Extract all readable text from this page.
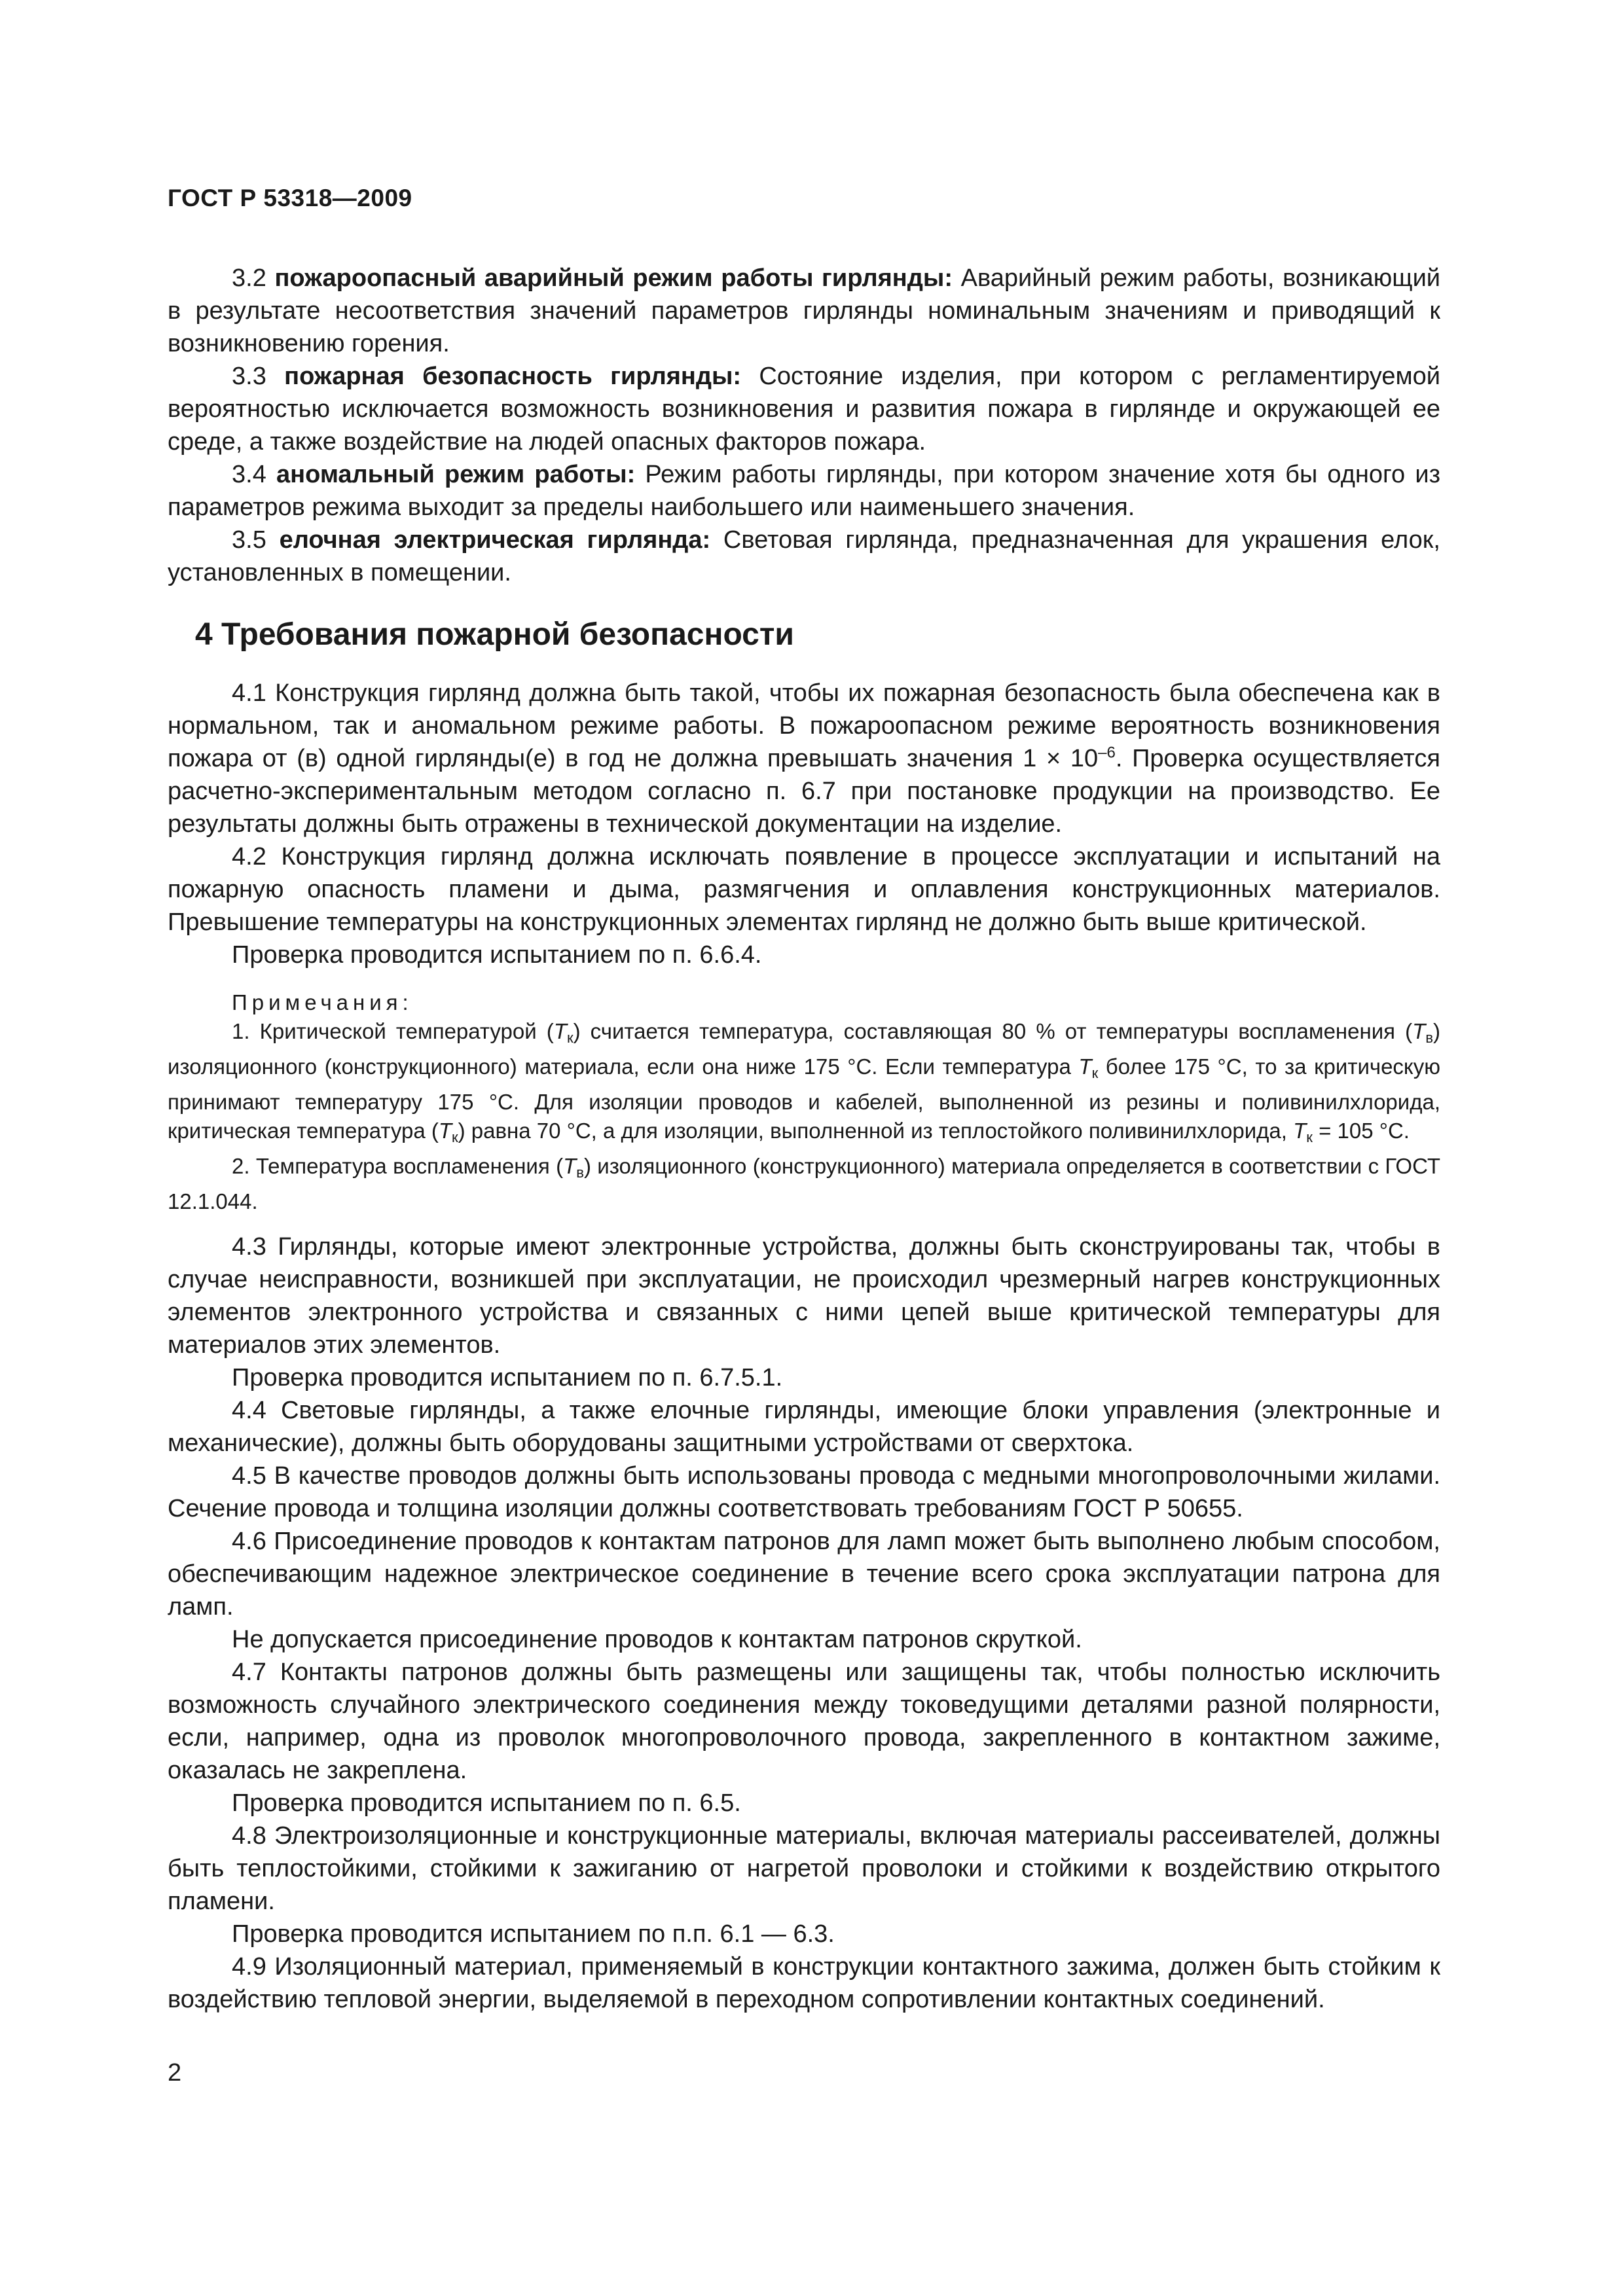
ГОСТ Р 53318—2009

3.2 пожароопасный аварийный режим работы гирлянды: Аварийный режим работы, возникающий в результате несоответствия значений параметров гирлянды номинальным значениям и приводящий к возникновению горения.

3.3 пожарная безопасность гирлянды: Состояние изделия, при котором с регламентируемой вероятностью исключается возможность возникновения и развития пожара в гирлянде и окружающей ее среде, а также воздействие на людей опасных факторов пожара.

3.4 аномальный режим работы: Режим работы гирлянды, при котором значение хотя бы одного из параметров режима выходит за пределы наибольшего или наименьшего значения.

3.5 елочная электрическая гирлянда: Световая гирлянда, предназначенная для украшения елок, установленных в помещении.

4 Требования пожарной безопасности

4.1 Конструкция гирлянд должна быть такой, чтобы их пожарная безопасность была обеспечена как в нормальном, так и аномальном режиме работы. В пожароопасном режиме вероятность возникновения пожара от (в) одной гирлянды(е) в год не должна превышать значения $1 \times 10^{-6}$. Проверка осуществляется расчетно-экспериментальным методом согласно п. 6.7 при постановке продукции на производство. Ее результаты должны быть отражены в технической документации на изделие.

4.2 Конструкция гирлянд должна исключать появление в процессе эксплуатации и испытаний на пожарную опасность пламени и дыма, размягчения и оплавления конструкционных материалов. Превышение температуры на конструкционных элементах гирлянд не должно быть выше критической.

Проверка проводится испытанием по п. 6.6.4.

Примечания:

1. Критической температурой $(T_к)$ считается температура, составляющая 80 % от температуры воспламенения $(T_в)$ изоляционного (конструкционного) материала, если она ниже 175 °С. Если температура $T_к$ более 175 °С, то за критическую принимают температуру 175 °С. Для изоляции проводов и кабелей, выполненной из резины и поливинилхлорида, критическая температура $(T_к)$ равна 70 °С, а для изоляции, выполненной из теплостойкого поливинилхлорида, $T_к = 105$ °С.

2. Температура воспламенения $(T_в)$ изоляционного (конструкционного) материала определяется в соответствии с ГОСТ 12.1.044.

4.3 Гирлянды, которые имеют электронные устройства, должны быть сконструированы так, чтобы в случае неисправности, возникшей при эксплуатации, не происходил чрезмерный нагрев конструкционных элементов электронного устройства и связанных с ними цепей выше критической температуры для материалов этих элементов.

Проверка проводится испытанием по п. 6.7.5.1.

4.4 Световые гирлянды, а также елочные гирлянды, имеющие блоки управления (электронные и механические), должны быть оборудованы защитными устройствами от сверхтока.

4.5 В качестве проводов должны быть использованы провода с медными многопроволочными жилами. Сечение провода и толщина изоляции должны соответствовать требованиям ГОСТ Р 50655.

4.6 Присоединение проводов к контактам патронов для ламп может быть выполнено любым способом, обеспечивающим надежное электрическое соединение в течение всего срока эксплуатации патрона для ламп.

Не допускается присоединение проводов к контактам патронов скруткой.

4.7 Контакты патронов должны быть размещены или защищены так, чтобы полностью исключить возможность случайного электрического соединения между токоведущими деталями разной полярности, если, например, одна из проволок многопроволочного провода, закрепленного в контактном зажиме, оказалась не закреплена.

Проверка проводится испытанием по п. 6.5.

4.8 Электроизоляционные и конструкционные материалы, включая материалы рассеивателей, должны быть теплостойкими, стойкими к зажиганию от нагретой проволоки и стойкими к воздействию открытого пламени.

Проверка проводится испытанием по п.п. 6.1 — 6.3.

4.9 Изоляционный материал, применяемый в конструкции контактного зажима, должен быть стойким к воздействию тепловой энергии, выделяемой в переходном сопротивлении контактных соединений.

2
